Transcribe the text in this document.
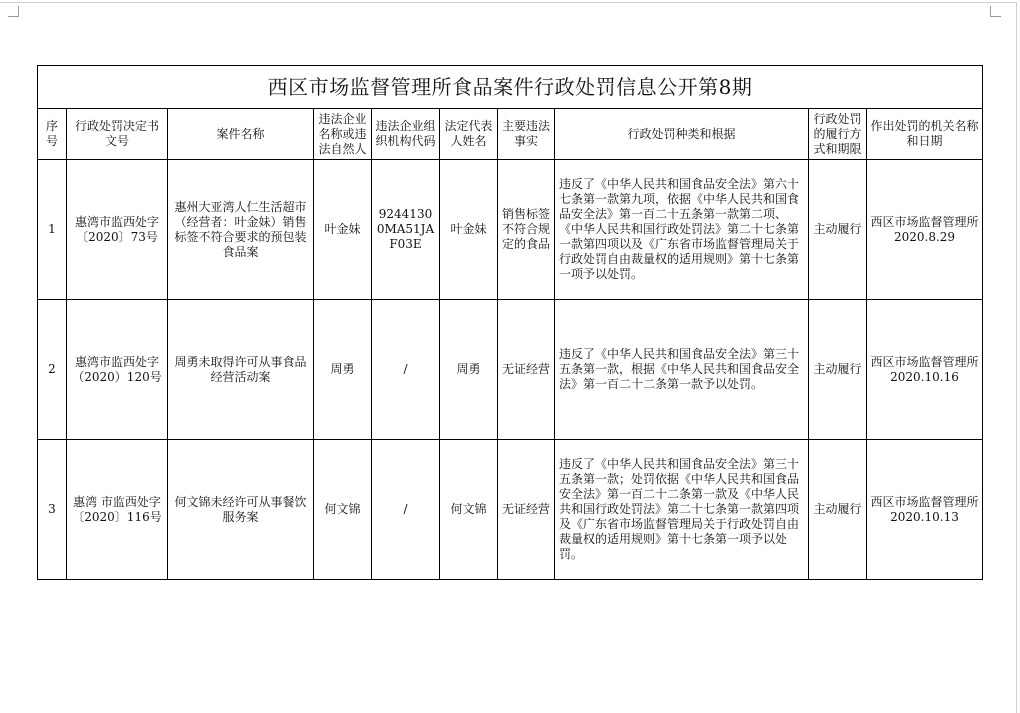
西区市场监督管理所食品案件行政处罚信息公开第8期									
序号	行政处罚决定书文号	案件名称	违法企业名称或违法自然人	违法企业组织机构代码	法定代表人姓名	主要违法事实	行政处罚种类和根据	行政处罚的履行方式和期限	作出处罚的机关名称和日期
1	惠湾市监西处字〔2020〕73号	惠州大亚湾人仁生活超市（经营者：叶金妹）销售标签不符合要求的预包装食品案	叶金妹	92441300MA51JAF03E	叶金妹	销售标签不符合规定的食品	违反了《中华人民共和国食品安全法》第六十七条第一款第九项，依据《中华人民共和国食品安全法》第一百二十五条第一款第二项、《中华人民共和国行政处罚法》第二十七条第一款第四项以及《广东省市场监督管理局关于行政处罚自由裁量权的适用规则》第十七条第一项予以处罚。	主动履行	西区市场监督管理所2020.8.29
2	惠湾市监西处字（2020）120号	周勇未取得许可从事食品经营活动案	周勇	/	周勇	无证经营	违反了《中华人民共和国食品安全法》第三十五条第一款，根据《中华人民共和国食品安全法》第一百二十二条第一款予以处罚。	主动履行	西区市场监督管理所2020.10.16
3	惠湾 市监西处字〔2020〕116号	何文锦未经许可从事餐饮服务案	何文锦	/	何文锦	无证经营	违反了《中华人民共和国食品安全法》第三十五条第一款；处罚依据《中华人民共和国食品安全法》第一百二十二条第一款及《中华人民共和国行政处罚法》第二十七条第一款第四项及《广东省市场监督管理局关于行政处罚自由裁量权的适用规则》第十七条第一项予以处罚。	主动履行	西区市场监督管理所2020.10.13
